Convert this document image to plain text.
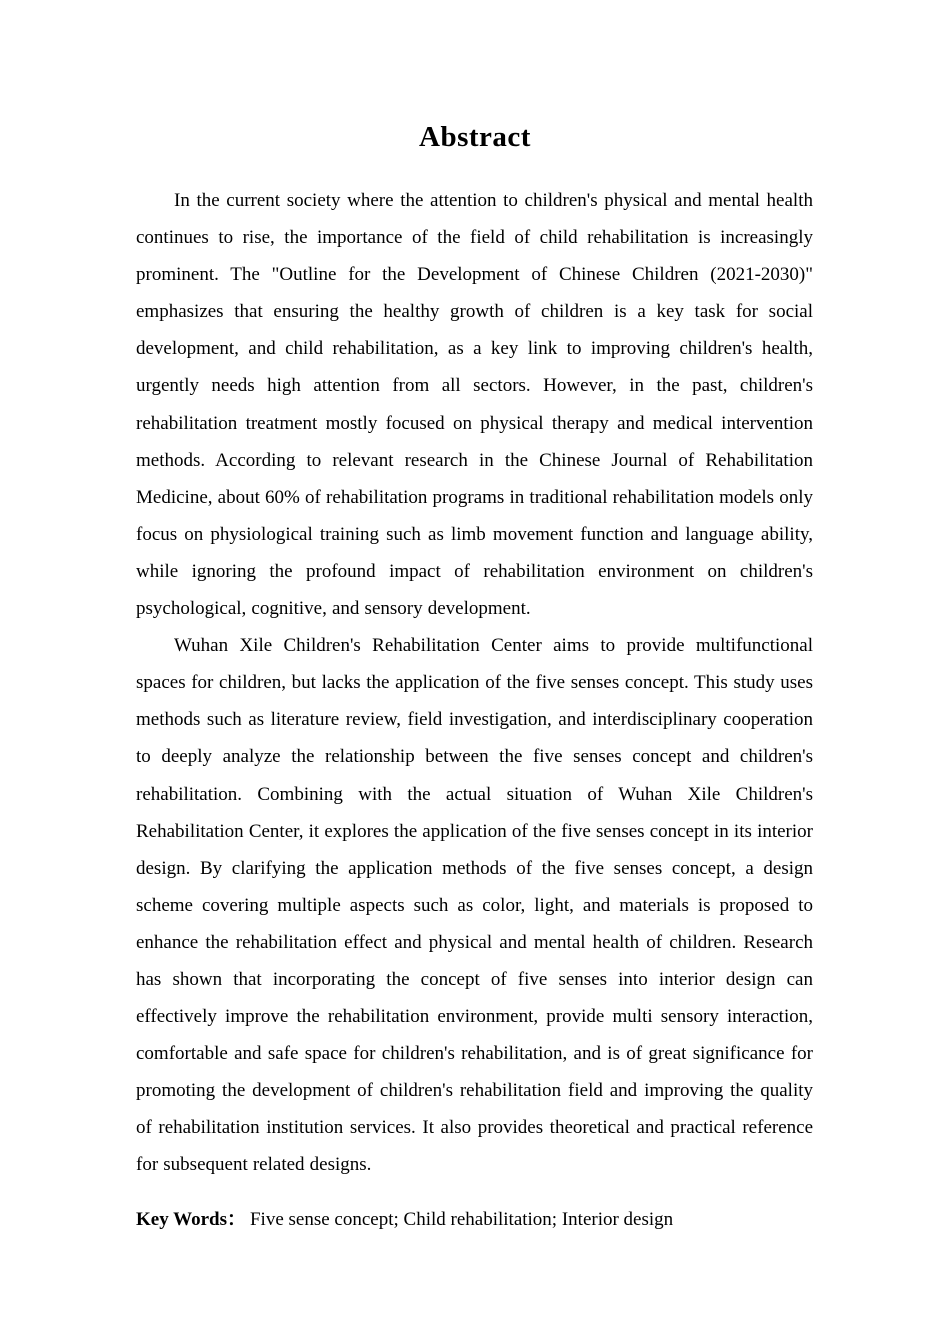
Abstract

In the current society where the attention to children's physical and mental health continues to rise, the importance of the field of child rehabilitation is increasingly prominent. The "Outline for the Development of Chinese Children (2021-2030)" emphasizes that ensuring the healthy growth of children is a key task for social development, and child rehabilitation, as a key link to improving children's health, urgently needs high attention from all sectors. However, in the past, children's rehabilitation treatment mostly focused on physical therapy and medical intervention methods. According to relevant research in the Chinese Journal of Rehabilitation Medicine, about 60% of rehabilitation programs in traditional rehabilitation models only focus on physiological training such as limb movement function and language ability, while ignoring the profound impact of rehabilitation environment on children's psychological, cognitive, and sensory development.

Wuhan Xile Children's Rehabilitation Center aims to provide multifunctional spaces for children, but lacks the application of the five senses concept. This study uses methods such as literature review, field investigation, and interdisciplinary cooperation to deeply analyze the relationship between the five senses concept and children's rehabilitation. Combining with the actual situation of Wuhan Xile Children's Rehabilitation Center, it explores the application of the five senses concept in its interior design. By clarifying the application methods of the five senses concept, a design scheme covering multiple aspects such as color, light, and materials is proposed to enhance the rehabilitation effect and physical and mental health of children. Research has shown that incorporating the concept of five senses into interior design can effectively improve the rehabilitation environment, provide multi sensory interaction, comfortable and safe space for children's rehabilitation, and is of great significance for promoting the development of children's rehabilitation field and improving the quality of rehabilitation institution services. It also provides theoretical and practical reference for subsequent related designs.

Key Words： Five sense concept; Child rehabilitation; Interior design
